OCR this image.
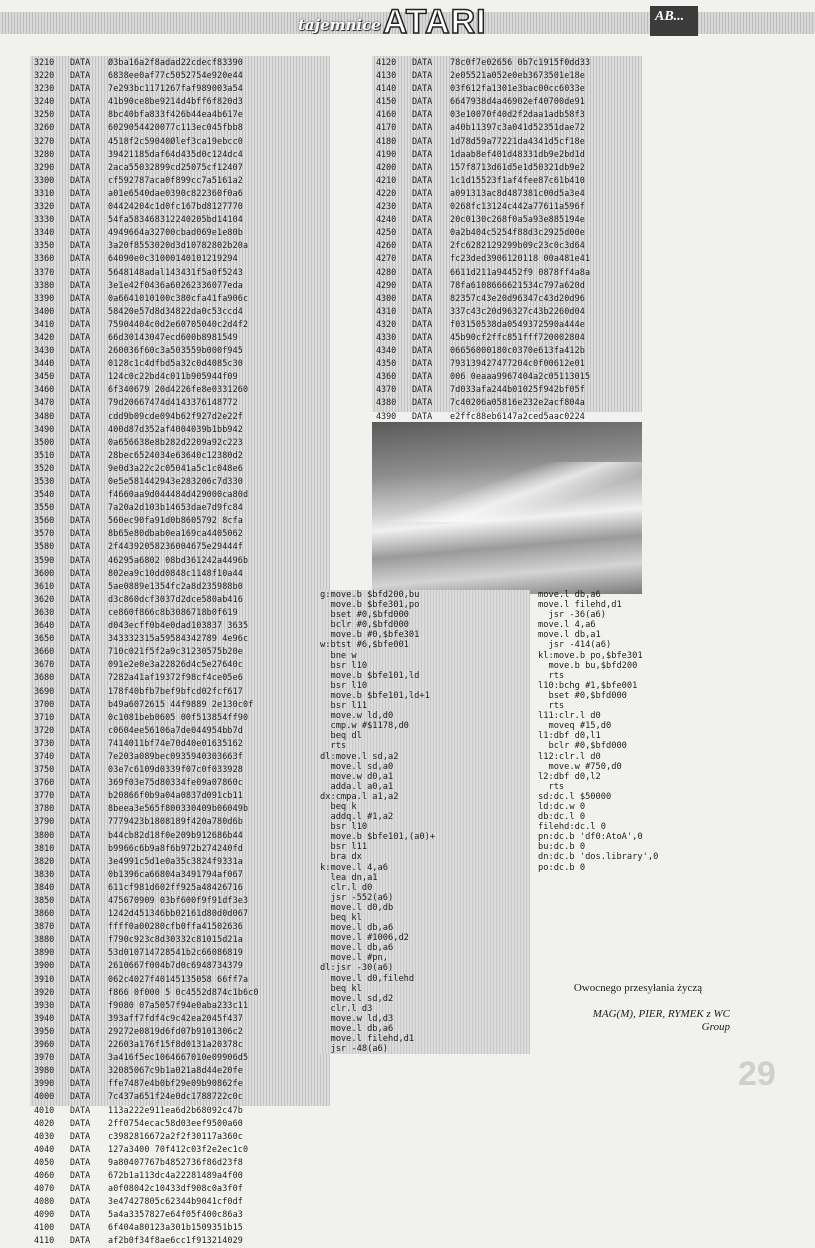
tajemnice ATARI	AB...
3210	DATA	Ø3ba16a2f8adad22cdecf83390
3220	DATA	6838ee0af77c5052754e920e44
3230	DATA	7e293bc1171267faf989003a54
3240	DATA	41b90ce8be9214d4bff6f820d3
3250	DATA	8bc40bfa833f426b44ea4b617e
3260	DATA	6029054420077c113ec045fbb8
3270	DATA	4518f2c59040Ølef3ca19ebcc0
3280	DATA	39421185daf64d435d0c124dc4
3290	DATA	2aca55032899cd25075cf12407
3300	DATA	cf592787aca0f899cc7a5161a2
3310	DATA	a01e6540dae0390c822360f0a6
3320	DATA	04424204c1d0fc167bd8127770
3330	DATA	54fa583468312240205bd14104
3340	DATA	4949664a32700cbad069e1e80b
3350	DATA	3a20f8553020d3d10782802b20a
3360	DATA	64090e0c31000140101219294
3370	DATA	5648148adal143431f5a0f5243
3380	DATA	3e1e42f0436a60262336077eda
3390	DATA	0a6641010100c380cfa41fa906c
3400	DATA	58420e57d8d34822da0c53ccd4
3410	DATA	75904404c0d2e60705040c2d4f2
3420	DATA	66d30143047ecd600b8981549
3430	DATA	260036f60c3a503559b000f945
3440	DATA	0128c1c4dfbd5a32c0d4085c30
3450	DATA	124c0c22bd4c011b905944f09
3460	DATA	6f340679 20d4226fe8e0331260
3470	DATA	79d20667474d4143376148772
3480	DATA	cdd9b09cde094b62f927d2e22f
3490	DATA	400d87d352af4004039b1bb942
3500	DATA	0a656638e8b282d2209a92c223
3510	DATA	28bec6524034e63640c12380d2
3520	DATA	9e0d3a22c2c05041a5c1c048e6
3530	DATA	0e5e581442943e283206c7d330
3540	DATA	f4660aa9d044484d429000ca80d
3550	DATA	7a20a2d103b14653dae7d9fc84
3560	DATA	560ec90fa91d0b8605792 8cfa
3570	DATA	8b65e80dbab0ea169ca4405062
3580	DATA	2f44392058236004675e29444f
3590	DATA	46295a6802 08bd361242a4496b
3600	DATA	802ea9c10dd0848c1148f10a44
3610	DATA	5ae0889e1354fc2a8d235988b0
3620	DATA	d3c860dcf3037d2dce580ab416
3630	DATA	ce860f866c8b3086718b0f619
3640	DATA	d043ecff0b4e0dad103837 3635
3650	DATA	343332315a59584342789 4e96c
3660	DATA	710c021f5f2a9c31230575b20e
3670	DATA	091e2e0e3a22826d4c5e27640c
3680	DATA	7282a41af19372f98cf4ce05e6
3690	DATA	178f40bfb7bef9bfcd02fcf617
3700	DATA	b49a6072615 44f9889 2e130c0f
3710	DATA	0c1081beb0605 00f513854ff90
3720	DATA	c0604ee56106a7de044954bb7d
3730	DATA	7414011bf74e70d40e01635162
3740	DATA	7e203a089bec0935940303663f
3750	DATA	03e7c6109d0339f07c0f033928
3760	DATA	369f03e75d80334fe09a07860c
3770	DATA	b20866f0b9a04a0837d091cb11
3780	DATA	8beea3e565f800330409b06049b
3790	DATA	7779423b1808189f420a780d6b
3800	DATA	b44cb82d18f0e209b912686b44
3810	DATA	b9966c6b9a8f6b972b274240fd
3820	DATA	3e4991c5d1e0a35c3824f9331a
3830	DATA	0b1396ca66804a3491794af067
3840	DATA	611cf981d602ff925a48426716
3850	DATA	475670909 03bf600f9f91df3e3
3860	DATA	1242d451346bb02161d80d0d067
3870	DATA	ffff0a00280cfb0ffa41502636
3880	DATA	f790c923c8d30332c81015d21a
3890	DATA	53d010714728541b2c66086819
3900	DATA	2610667f004b7d0c6948734379
3910	DATA	062c4027f40145135058 66ff7a
3920	DATA	f866 0f000 5 0c4552d874c1b6c0
3930	DATA	f9080 07a5057f94e0aba233c11
3940	DATA	393aff7fdf4c9c42ea2045f437
3950	DATA	29272e0819d6fd07b9101306c2
3960	DATA	22603a176f15f8d0131a20378c
3970	DATA	3a416f5ec1064667010e09906d5
3980	DATA	32085067c9b1a021a8d44e20fe
3990	DATA	ffe7487e4b0bf29e09b90862fe
4000	DATA	7c437a651f24e0dc1788722c0c
4010	DATA	113a222e911ea6d2b68092c47b
4020	DATA	2ff0754ecac58d03eef9500a60
4030	DATA	c3982816672a2f2f30117a360c
4040	DATA	127a3400 70f412c03f2e2ec1c0
4050	DATA	9a80407767b4852736f86d23f8
4060	DATA	672b1a113dc4a22281489a4f00
4070	DATA	a0f08042c10433df908c0a3f0f
4080	DATA	3e47427805c62344b9041cf0df
4090	DATA	5a4a3357827e64f05f400c86a3
4100	DATA	6f404a80123a301b1509351b15
4110	DATA	af2b0f34f8ae6cc1f913214029
4120	DATA	78c0f7e02656 0b7c1915f0dd33
4130	DATA	2e05521a052e0eb3673501e18e
4140	DATA	03f612fa1301e3bac00cc6033e
4150	DATA	6647938d4a46902ef40700de91
4160	DATA	03e10070f40d2f2daa1adb58f3
4170	DATA	a40b11397c3a041d52351dae72
4180	DATA	1d78d59a77221da4341d5cf18e
4190	DATA	1daab8ef401d48331db9e2bd1d
4200	DATA	157f8713d61d5e1d50321db9e2
4210	DATA	1c1d15523f1af4fee87c61b410
4220	DATA	a091313ac8d487381c00d5a3e4
4230	DATA	0268fc13124c442a77611a596f
4240	DATA	20c0130c268f0a5a93e885194e
4250	DATA	0a2b404c5254f88d3c2925d00e
4260	DATA	2fc6282129299b09c23c0c3d64
4270	DATA	fc23ded3906120118 00a481e41
4280	DATA	6611d211a94452f9 0878ff4a8a
4290	DATA	78fa6108666621534c797a620d
4300	DATA	82357c43e20d96347c43d20d96
4310	DATA	337c43c20d96327c43b2260d04
4320	DATA	f03150538da0549372590a444e
4330	DATA	45b90cf2ffc851fff720002804
4340	DATA	06656000180c0370e613fa412b
4350	DATA	793139427477204c0f00612e01
4360	DATA	006 0eaaa9967404a2c05113015
4370	DATA	7d033afa244b01025f942bf05f
4380	DATA	7c40206a05816e232e2acf804a
4390	DATA	e2ffc88eb6147a2ced5aac0224
g:move.b $bfd200,bu
move.b $bfe301,po
bset #0,$bfd000
bclr #0,$bfd000
move.b #0,$bfe301
w:btst #6,$bfe001
bne w
bsr l10
move.b $bfe101,ld
bsr l10
move.b $bfe101,ld+1
bsr l11
move.w ld,d0
cmp.w #$1178,d0
beq dl
rts
dl:move.l sd,a2
move.l sd,a0
move.w d0,a1
adda.l a0,a1
dx:cmpa.l a1,a2
beq k
addq.l #1,a2
bsr l10
move.b $bfe101,(a0)+
bsr l11
bra dx
k:move.l 4,a6
lea dn,a1
clr.l d0
jsr -552(a6)
move.l d0,db
beq kl
move.l db,a6
move.l #1006,d2
move.l db,a6
move.l #pn,
dl:jsr -30(a6)
move.l d0,filehd
beq kl
move.l sd,d2
clr.l d3
move.w ld,d3
move.l db,a6
move.l filehd,d1
jsr -48(a6)
move.l db,a6
move.l filehd,d1
jsr -36(a6)
move.l 4,a6
move.l db,a1
jsr -414(a6)
kl:move.b po,$bfe301
move.b bu,$bfd200
rts
l10:bchg #1,$bfe001
bset #0,$bfd000
rts
l11:clr.l d0
moveq #15,d0
l1:dbf d0,l1
bclr #0,$bfd000
l12:clr.l d0
move.w #750,d0
l2:dbf d0,l2
rts
sd:dc.l $50000
ld:dc.w 0
db:dc.l 0
filehd:dc.l 0
pn:dc.b 'df0:AtoA',0
bu:dc.b 0
dn:dc.b 'dos.library',0
po:dc.b 0
Owocnego przesyłania życzą
MAG(M), PIER, RYMEK z WC
Group
29
